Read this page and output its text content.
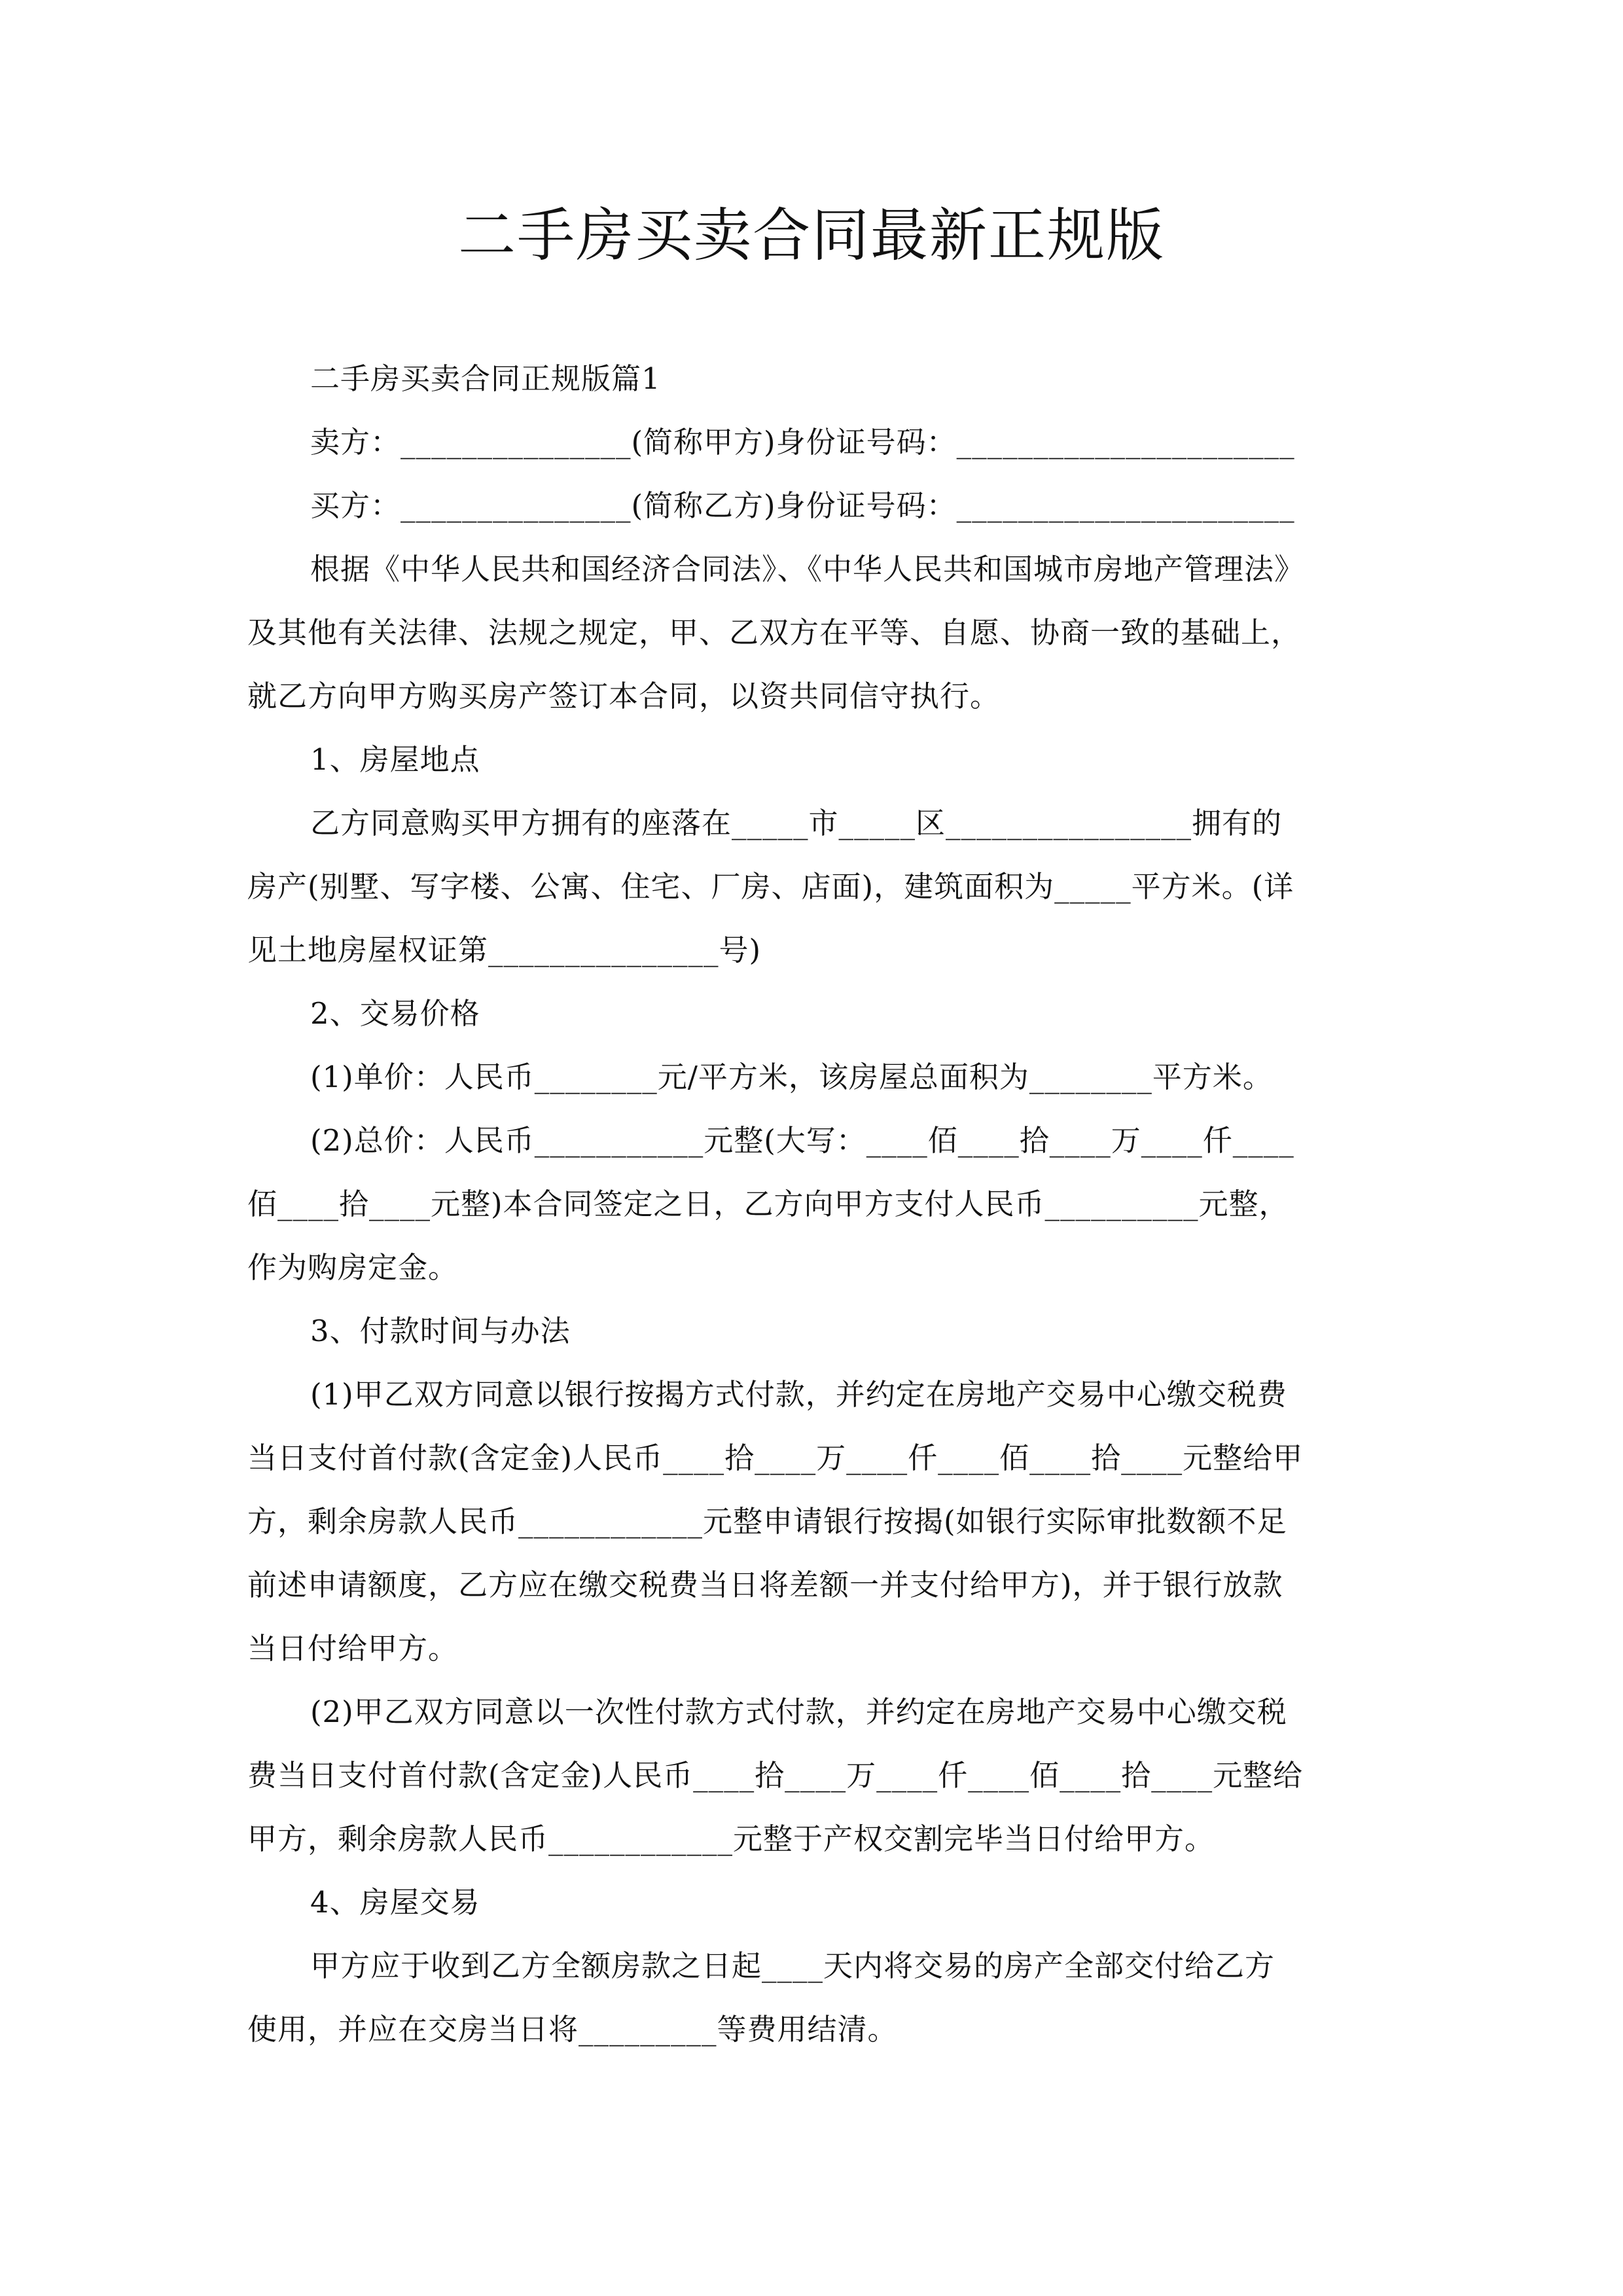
二手房买卖合同最新正规版

二手房买卖合同正规版篇1

卖方：_______________(简称甲方)身份证号码：______________________

买方：_______________(简称乙方)身份证号码：______________________

根据《中华人民共和国经济合同法》、《中华人民共和国城市房地产管理法》

及其他有关法律、法规之规定，甲、乙双方在平等、自愿、协商一致的基础上，

就乙方向甲方购买房产签订本合同，以资共同信守执行。

1、房屋地点

乙方同意购买甲方拥有的座落在_____市_____区________________拥有的

房产(别墅、写字楼、公寓、住宅、厂房、店面)，建筑面积为_____平方米。(详

见土地房屋权证第_______________号)

2、交易价格

(1)单价：人民币________元/平方米，该房屋总面积为________平方米。

(2)总价：人民币___________元整(大写：____佰____拾____万____仟____

佰____拾____元整)本合同签定之日，乙方向甲方支付人民币__________元整，

作为购房定金。

3、付款时间与办法

(1)甲乙双方同意以银行按揭方式付款，并约定在房地产交易中心缴交税费

当日支付首付款(含定金)人民币____拾____万____仟____佰____拾____元整给甲

方，剩余房款人民币____________元整申请银行按揭(如银行实际审批数额不足

前述申请额度，乙方应在缴交税费当日将差额一并支付给甲方)，并于银行放款

当日付给甲方。

(2)甲乙双方同意以一次性付款方式付款，并约定在房地产交易中心缴交税

费当日支付首付款(含定金)人民币____拾____万____仟____佰____拾____元整给

甲方，剩余房款人民币____________元整于产权交割完毕当日付给甲方。

4、房屋交易

甲方应于收到乙方全额房款之日起____天内将交易的房产全部交付给乙方

使用，并应在交房当日将_________等费用结清。
